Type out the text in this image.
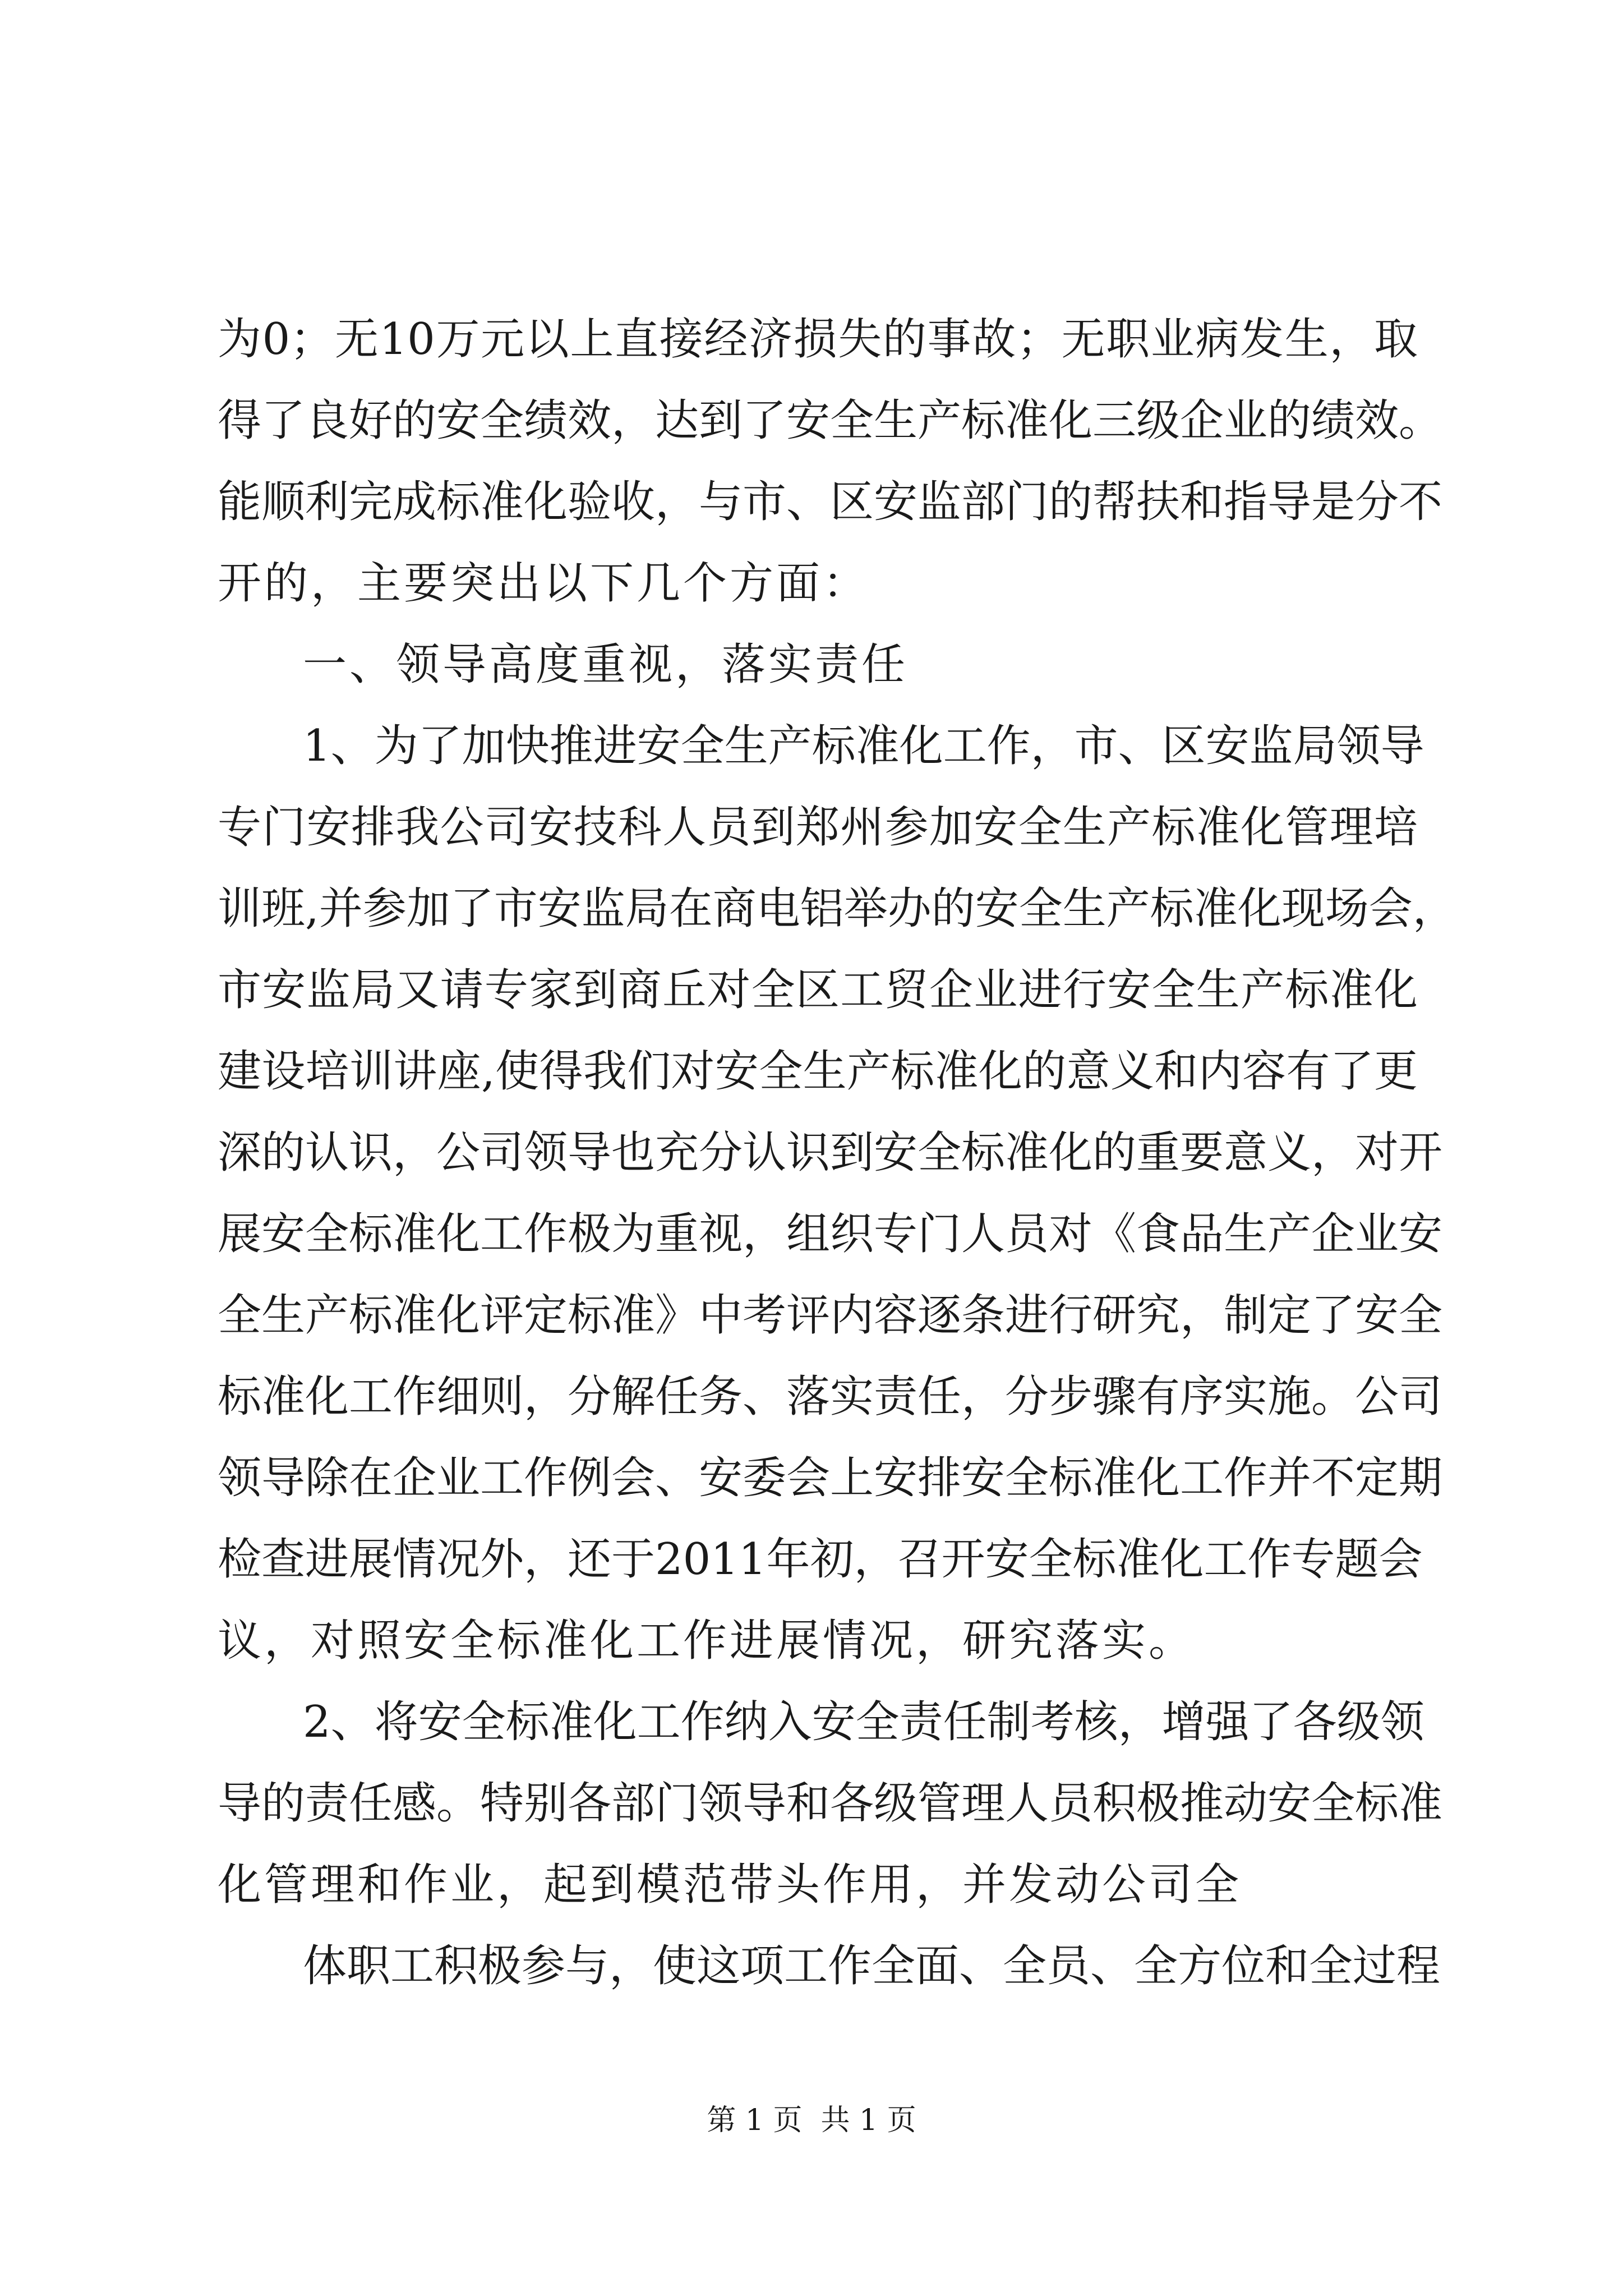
为0；无10万元以上直接经济损失的事故；无职业病发生，取
得了良好的安全绩效，达到了安全生产标准化三级企业的绩效。
能顺利完成标准化验收，与市、区安监部门的帮扶和指导是分不
开的，主要突出以下几个方面：
一、领导高度重视，落实责任
1、为了加快推进安全生产标准化工作，市、区安监局领导
专门安排我公司安技科人员到郑州参加安全生产标准化管理培
训班,并参加了市安监局在商电铝举办的安全生产标准化现场会，
市安监局又请专家到商丘对全区工贸企业进行安全生产标准化
建设培训讲座,使得我们对安全生产标准化的意义和内容有了更
深的认识，公司领导也充分认识到安全标准化的重要意义，对开
展安全标准化工作极为重视，组织专门人员对《食品生产企业安
全生产标准化评定标准》中考评内容逐条进行研究，制定了安全
标准化工作细则，分解任务、落实责任，分步骤有序实施。公司
领导除在企业工作例会、安委会上安排安全标准化工作并不定期
检查进展情况外，还于2011年初，召开安全标准化工作专题会
议，对照安全标准化工作进展情况，研究落实。
2、将安全标准化工作纳入安全责任制考核，增强了各级领
导的责任感。特别各部门领导和各级管理人员积极推动安全标准
化管理和作业，起到模范带头作用，并发动公司全
体职工积极参与，使这项工作全面、全员、全方位和全过程
第 1 页  共 1 页
